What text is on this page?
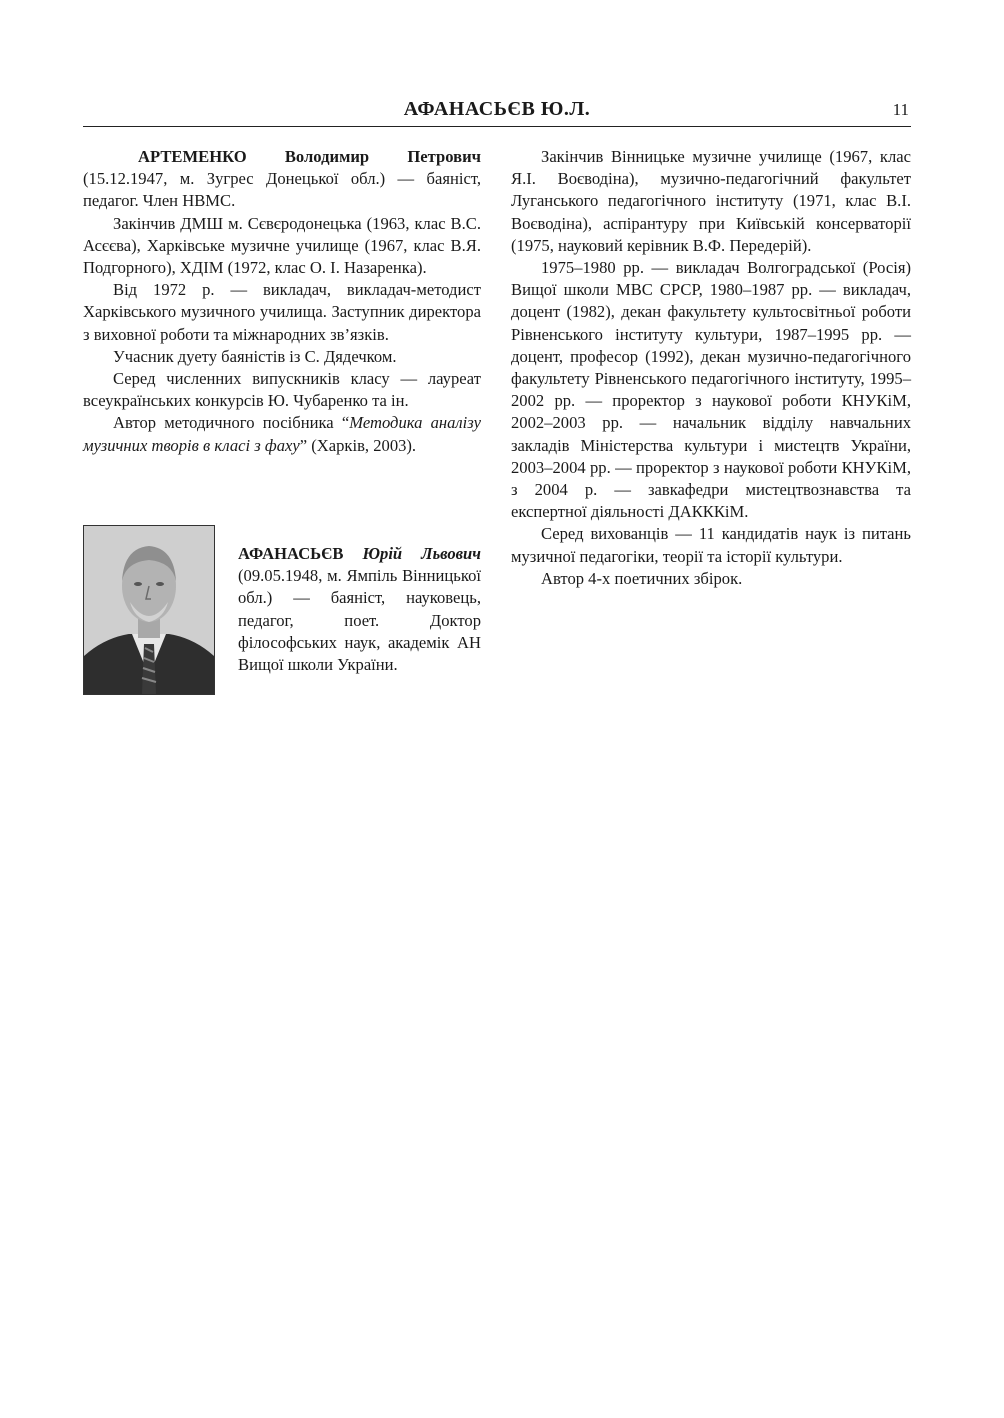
АФАНАСЬЄВ Ю.Л.	11

АРТЕМЕНКО Володимир Петрович (15.12.1947, м. Зугрес Донецької обл.) — баяніст, педагог. Член НВМС.

Закінчив ДМШ м. Сєвєродонецька (1963, клас В.С. Асєєва), Харківське музичне училище (1967, клас В.Я. Подгорного), ХДІМ (1972, клас О. І. Назаренка).

Від 1972 р. — викладач, викладач-методист Харківського музичного училища. Заступник директора з виховної роботи та міжнародних зв’язків.

Учасник дуету баяністів із С. Дядечком.

Серед численних випускників класу — лауреат всеукраїнських конкурсів Ю. Чубаренко та ін.

Автор методичного посібника “Методика аналізу музичних творів в класі з фаху” (Харків, 2003).

АФАНАСЬЄВ Юрій Львович (09.05.1948, м. Ямпіль Вінницької обл.) — баяніст, науковець, педагог, поет. Доктор філософських наук, академік АН Вищої школи України.

Закінчив Вінницьке музичне училище (1967, клас Я.І. Воєводіна), музично-педагогічний факультет Луганського педагогічного інституту (1971, клас В.І. Воєводіна), аспірантуру при Київській консерваторії (1975, науковий керівник В.Ф. Передерій).

1975–1980 рр. — викладач Волгоградської (Росія) Вищої школи МВС СРСР, 1980–1987 рр. — викладач, доцент (1982), декан факультету культосвітньої роботи Рівненського інституту культури, 1987–1995 рр. — доцент, професор (1992), декан музично-педагогічного факультету Рівненського педагогічного інституту, 1995–2002 рр. — проректор з наукової роботи КНУКіМ, 2002–2003 рр. — начальник відділу навчальних закладів Міністерства культури і мистецтв України, 2003–2004 рр. — проректор з наукової роботи КНУКіМ, з 2004 р. — завкафедри мистецтвознавства та експертної діяльності ДАКККіМ.

Серед вихованців — 11 кандидатів наук із питань музичної педагогіки, теорії та історії культури.

Автор 4-х поетичних збірок.
